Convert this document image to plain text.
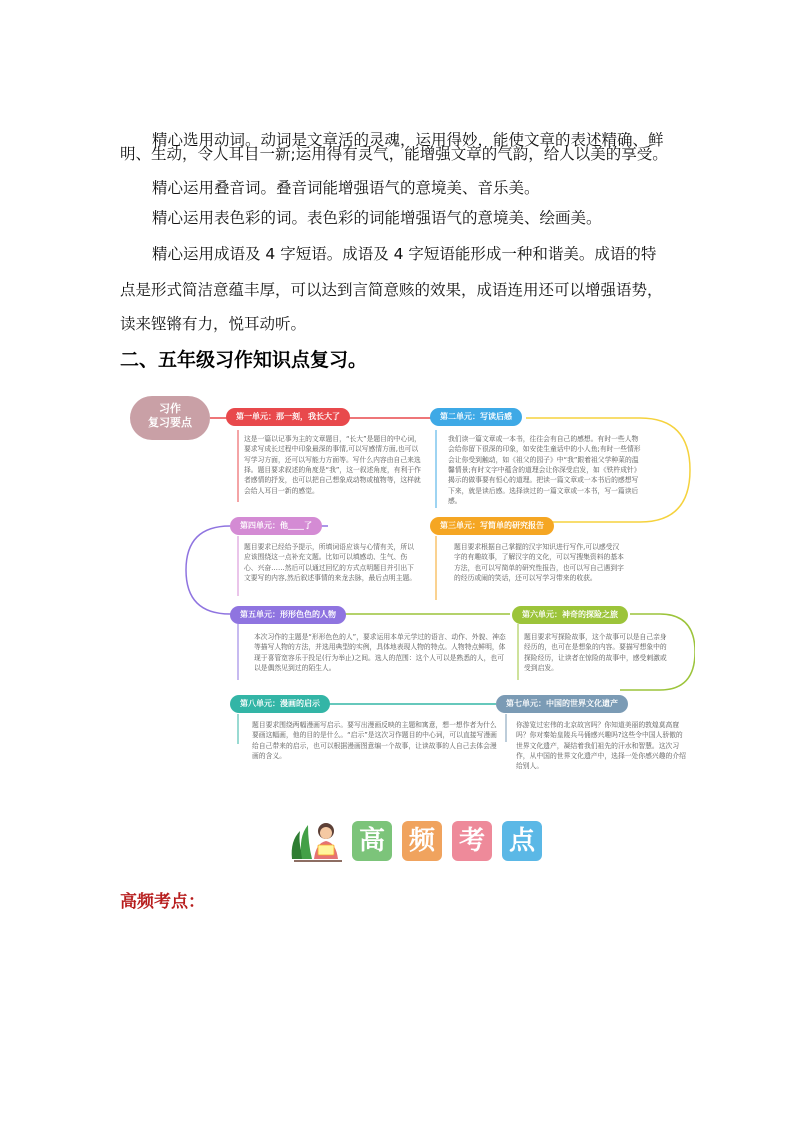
精心选用动词。动词是文章活的灵魂，运用得妙，能使文章的表述精确、鲜
明、生动，令人耳目一新;运用得有灵气，能增强文章的气韵，给人以美的享受。
精心运用叠音词。叠音词能增强语气的意境美、音乐美。
精心运用表色彩的词。表色彩的词能增强语气的意境美、绘画美。
精心运用成语及 4 字短语。成语及 4 字短语能形成一种和谐美。成语的特
点是形式简洁意蕴丰厚，可以达到言简意赅的效果，成语连用还可以增强语势，
读来铿锵有力，悦耳动听。
二、五年级习作知识点复习。
习作
复习要点	第一单元：那一刻，我长大了
这是一篇以记事为主的文章题目，“长大”是题目的中心词，要求写成长过程中印象最深的事情,可以写感情方面,也可以写学习方面，还可以写能力方面等。写什么内容由自己来选择。题目要求叙述的角度是“我”，这一叙述角度，有利于作者感情的抒发，也可以把自己想象成动物或植物等，这样就会给人耳目一新的感觉。
第二单元：写读后感
我们读一篇文章或一本书，往往会有自己的感想。有时一些人物会给你留下很深的印象，如安徒生童话中的小人鱼;有时一些情形会让你受到触动，如《祖父的园子》中“我”跟着祖父学种菜的温馨情景;有时文字中蕴含的道理会让你深受启发，如《铁杵成针》揭示的做事要有恒心的道理。把读一篇文章或一本书后的感想写下来，就是读后感。选择读过的一篇文章或一本书，写一篇读后感。
第四单元：他____了
题目要求已经给予提示，所填词语应该与心情有关，所以应该围绕这一点补充文题。比如可以填感动、生气、伤心、兴奋……然后可以通过回忆的方式点明题目并引出下文要写的内容,然后叙述事情的来龙去脉，最后点明主题。
第三单元：写简单的研究报告
题目要求根据自己掌握的汉字知识进行写作,可以感受汉字的有趣故事，了解汉字的文化，可以写搜集资料的基本方法，也可以写简单的研究性报告，也可以写自己遇到字的经历或闹的笑话，还可以写学习带来的收获。
第五单元：形形色色的人物
本次习作的主题是“形形色色的人”，要求运用本单元学过的语言、动作、外貌、神态等描写人物的方法，并选用典型的实例，具体地表现人物的特点。人物特点鲜明，体现于喜管宽容乐于投足(行为举止)之间。选人的范围：这个人可以是熟悉的人，也可以是偶然见到过的陌生人。
第六单元：神奇的探险之旅
题目要求写探险故事，这个故事可以是自己亲身经历的，也可在是想象的内容。要描写想象中的探险经历，让读者在惊险的故事中，感受刺激或受到启发。
第八单元：漫画的启示
题目要求围绕两幅漫画写启示。要写出漫画反映的主题和寓意，想一想作者为什么要画这幅画，他的目的是什么。“启示”是这次习作题目的中心词，可以直接写漫画给自己带来的启示，也可以根据漫画图意编一个故事，让读故事的人自己去体会漫画的含义。
第七单元：中国的世界文化遗产
你游览过宏伟的北京故宫吗？你知道美丽的敦煌莫高窟吗？你对秦始皇陵兵马俑感兴趣吗?这些令中国人骄傲的世界文化遗产，凝结着我们祖先的汗水和智慧。这次习作，从中国的世界文化遗产中，选择一处你感兴趣的介绍给别人。
高 频 考 点
高频考点：
